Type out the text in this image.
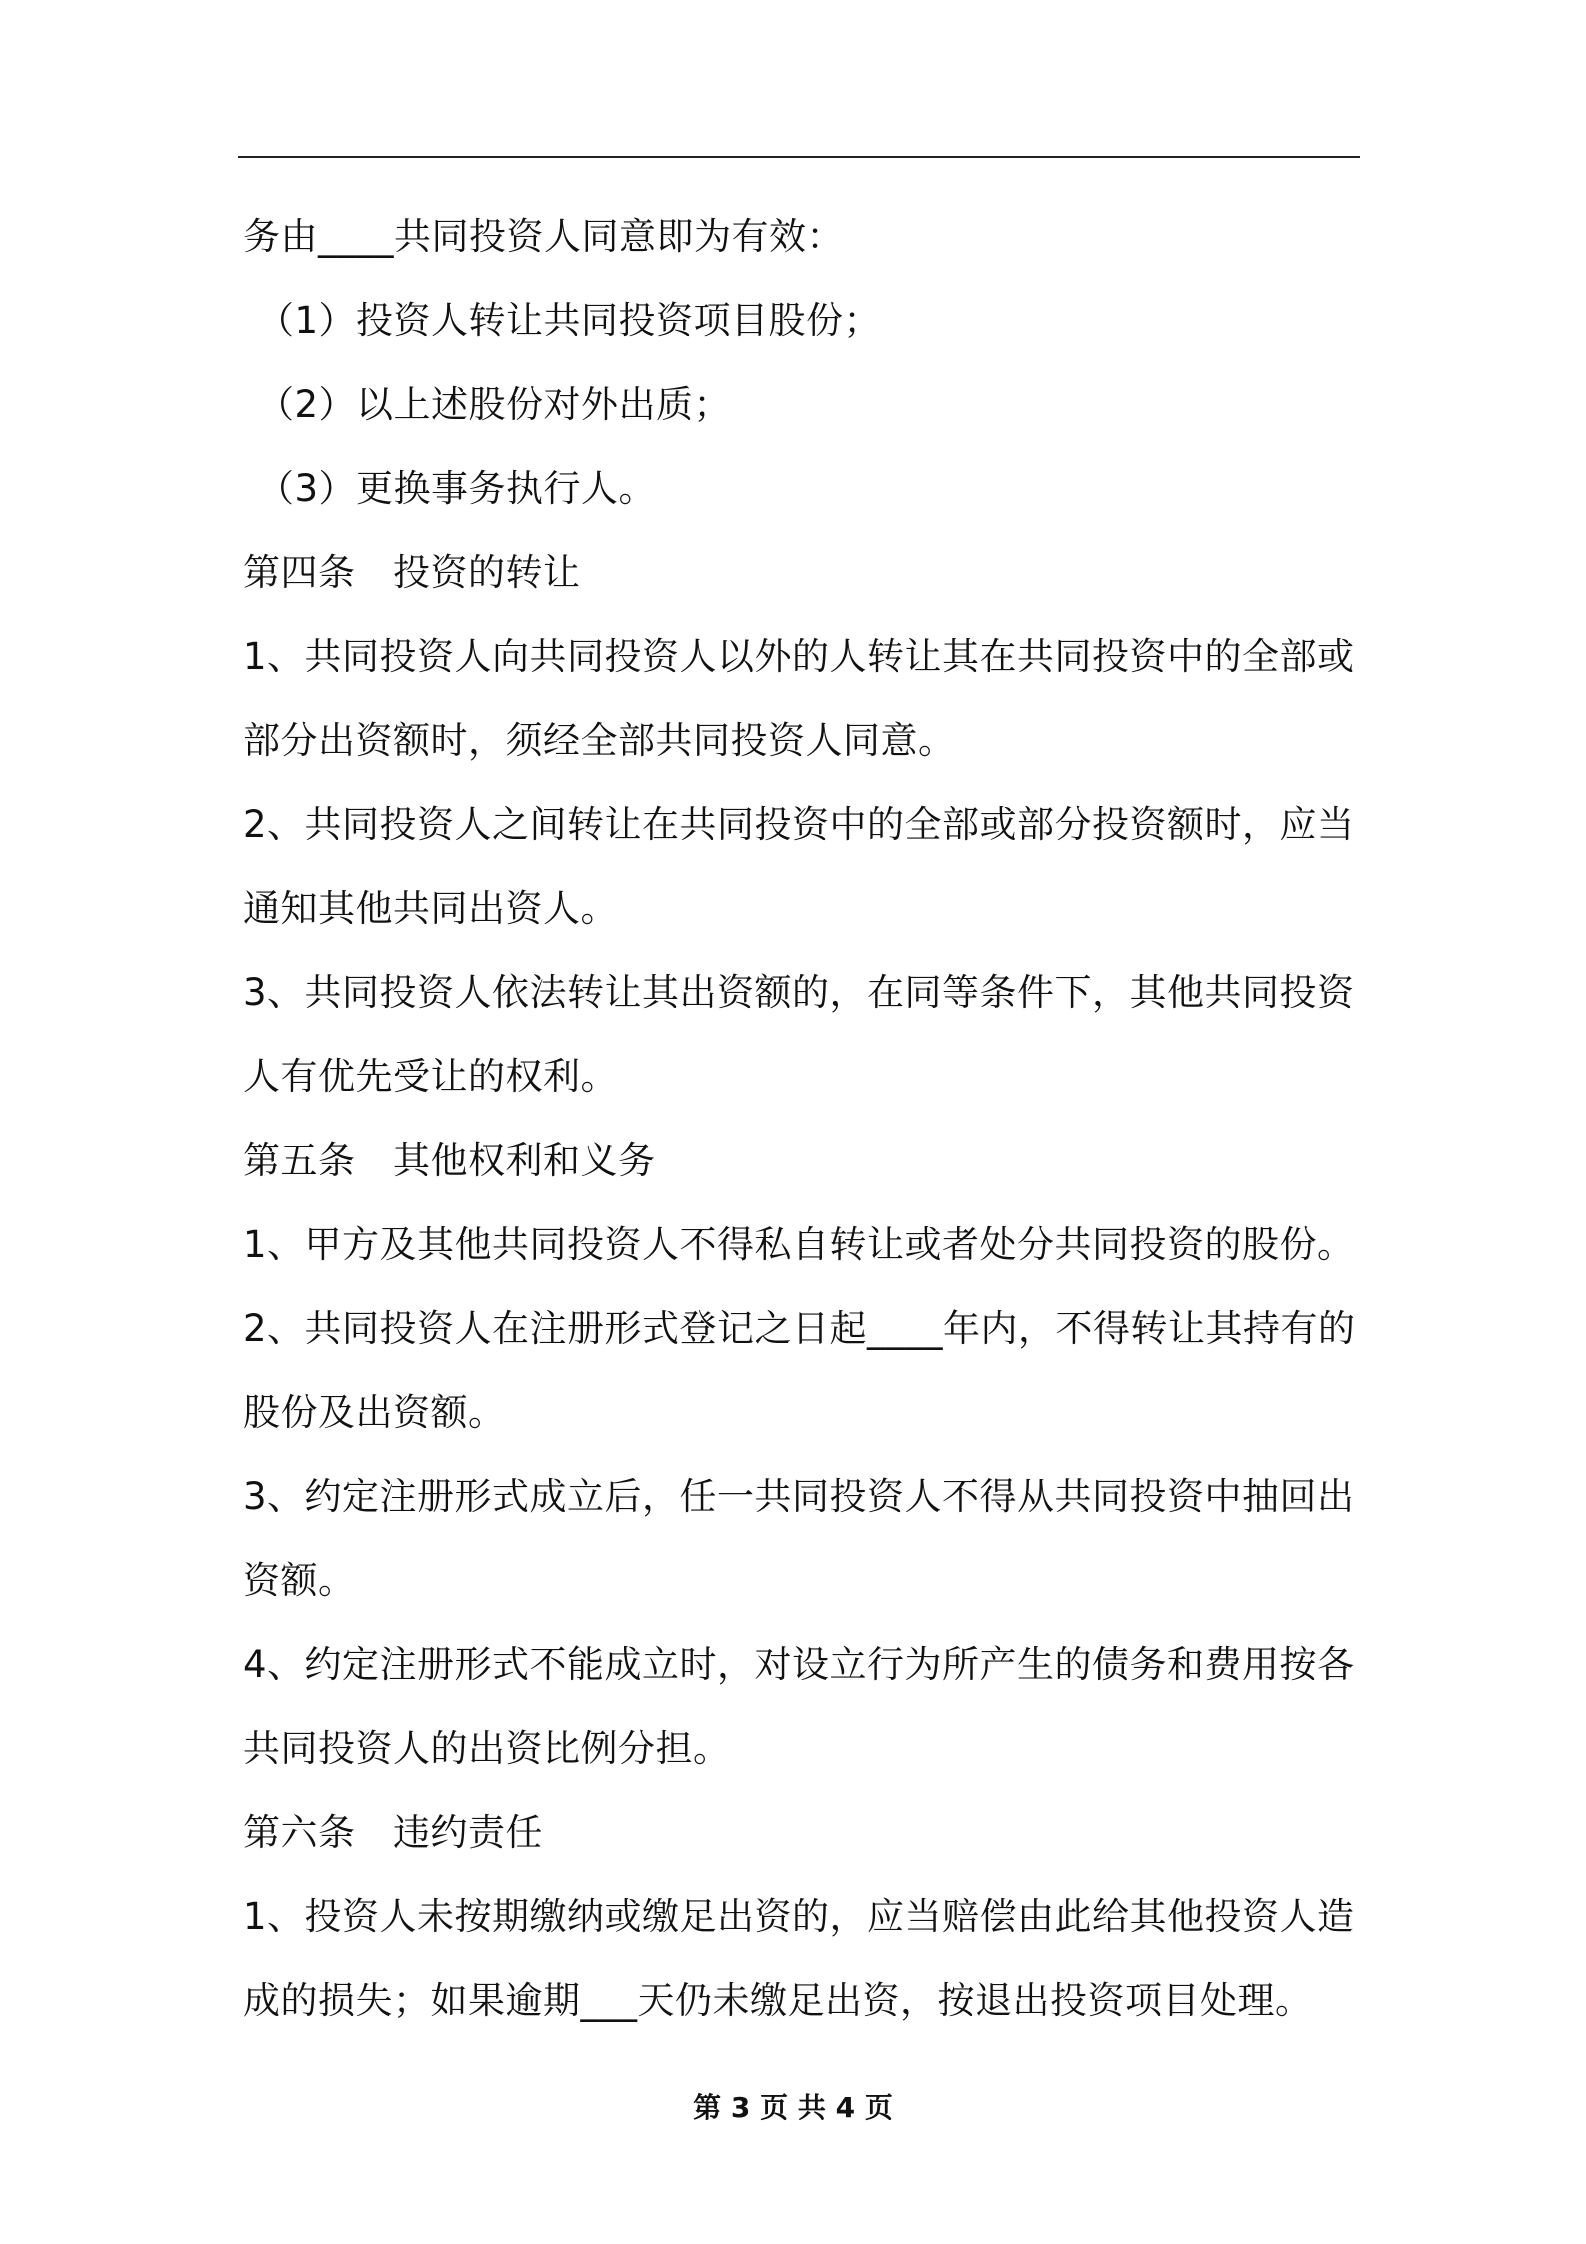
务由____共同投资人同意即为有效：
（1）投资人转让共同投资项目股份；
（2）以上述股份对外出质；
（3）更换事务执行人。
第四条　投资的转让
1、共同投资人向共同投资人以外的人转让其在共同投资中的全部或
部分出资额时，须经全部共同投资人同意。
2、共同投资人之间转让在共同投资中的全部或部分投资额时，应当
通知其他共同出资人。
3、共同投资人依法转让其出资额的，在同等条件下，其他共同投资
人有优先受让的权利。
第五条　其他权利和义务
1、甲方及其他共同投资人不得私自转让或者处分共同投资的股份。
2、共同投资人在注册形式登记之日起____年内，不得转让其持有的
股份及出资额。
3、约定注册形式成立后，任一共同投资人不得从共同投资中抽回出
资额。
4、约定注册形式不能成立时，对设立行为所产生的债务和费用按各
共同投资人的出资比例分担。
第六条　违约责任
1、投资人未按期缴纳或缴足出资的，应当赔偿由此给其他投资人造
成的损失；如果逾期___天仍未缴足出资，按退出投资项目处理。
第 3 页 共 4 页
